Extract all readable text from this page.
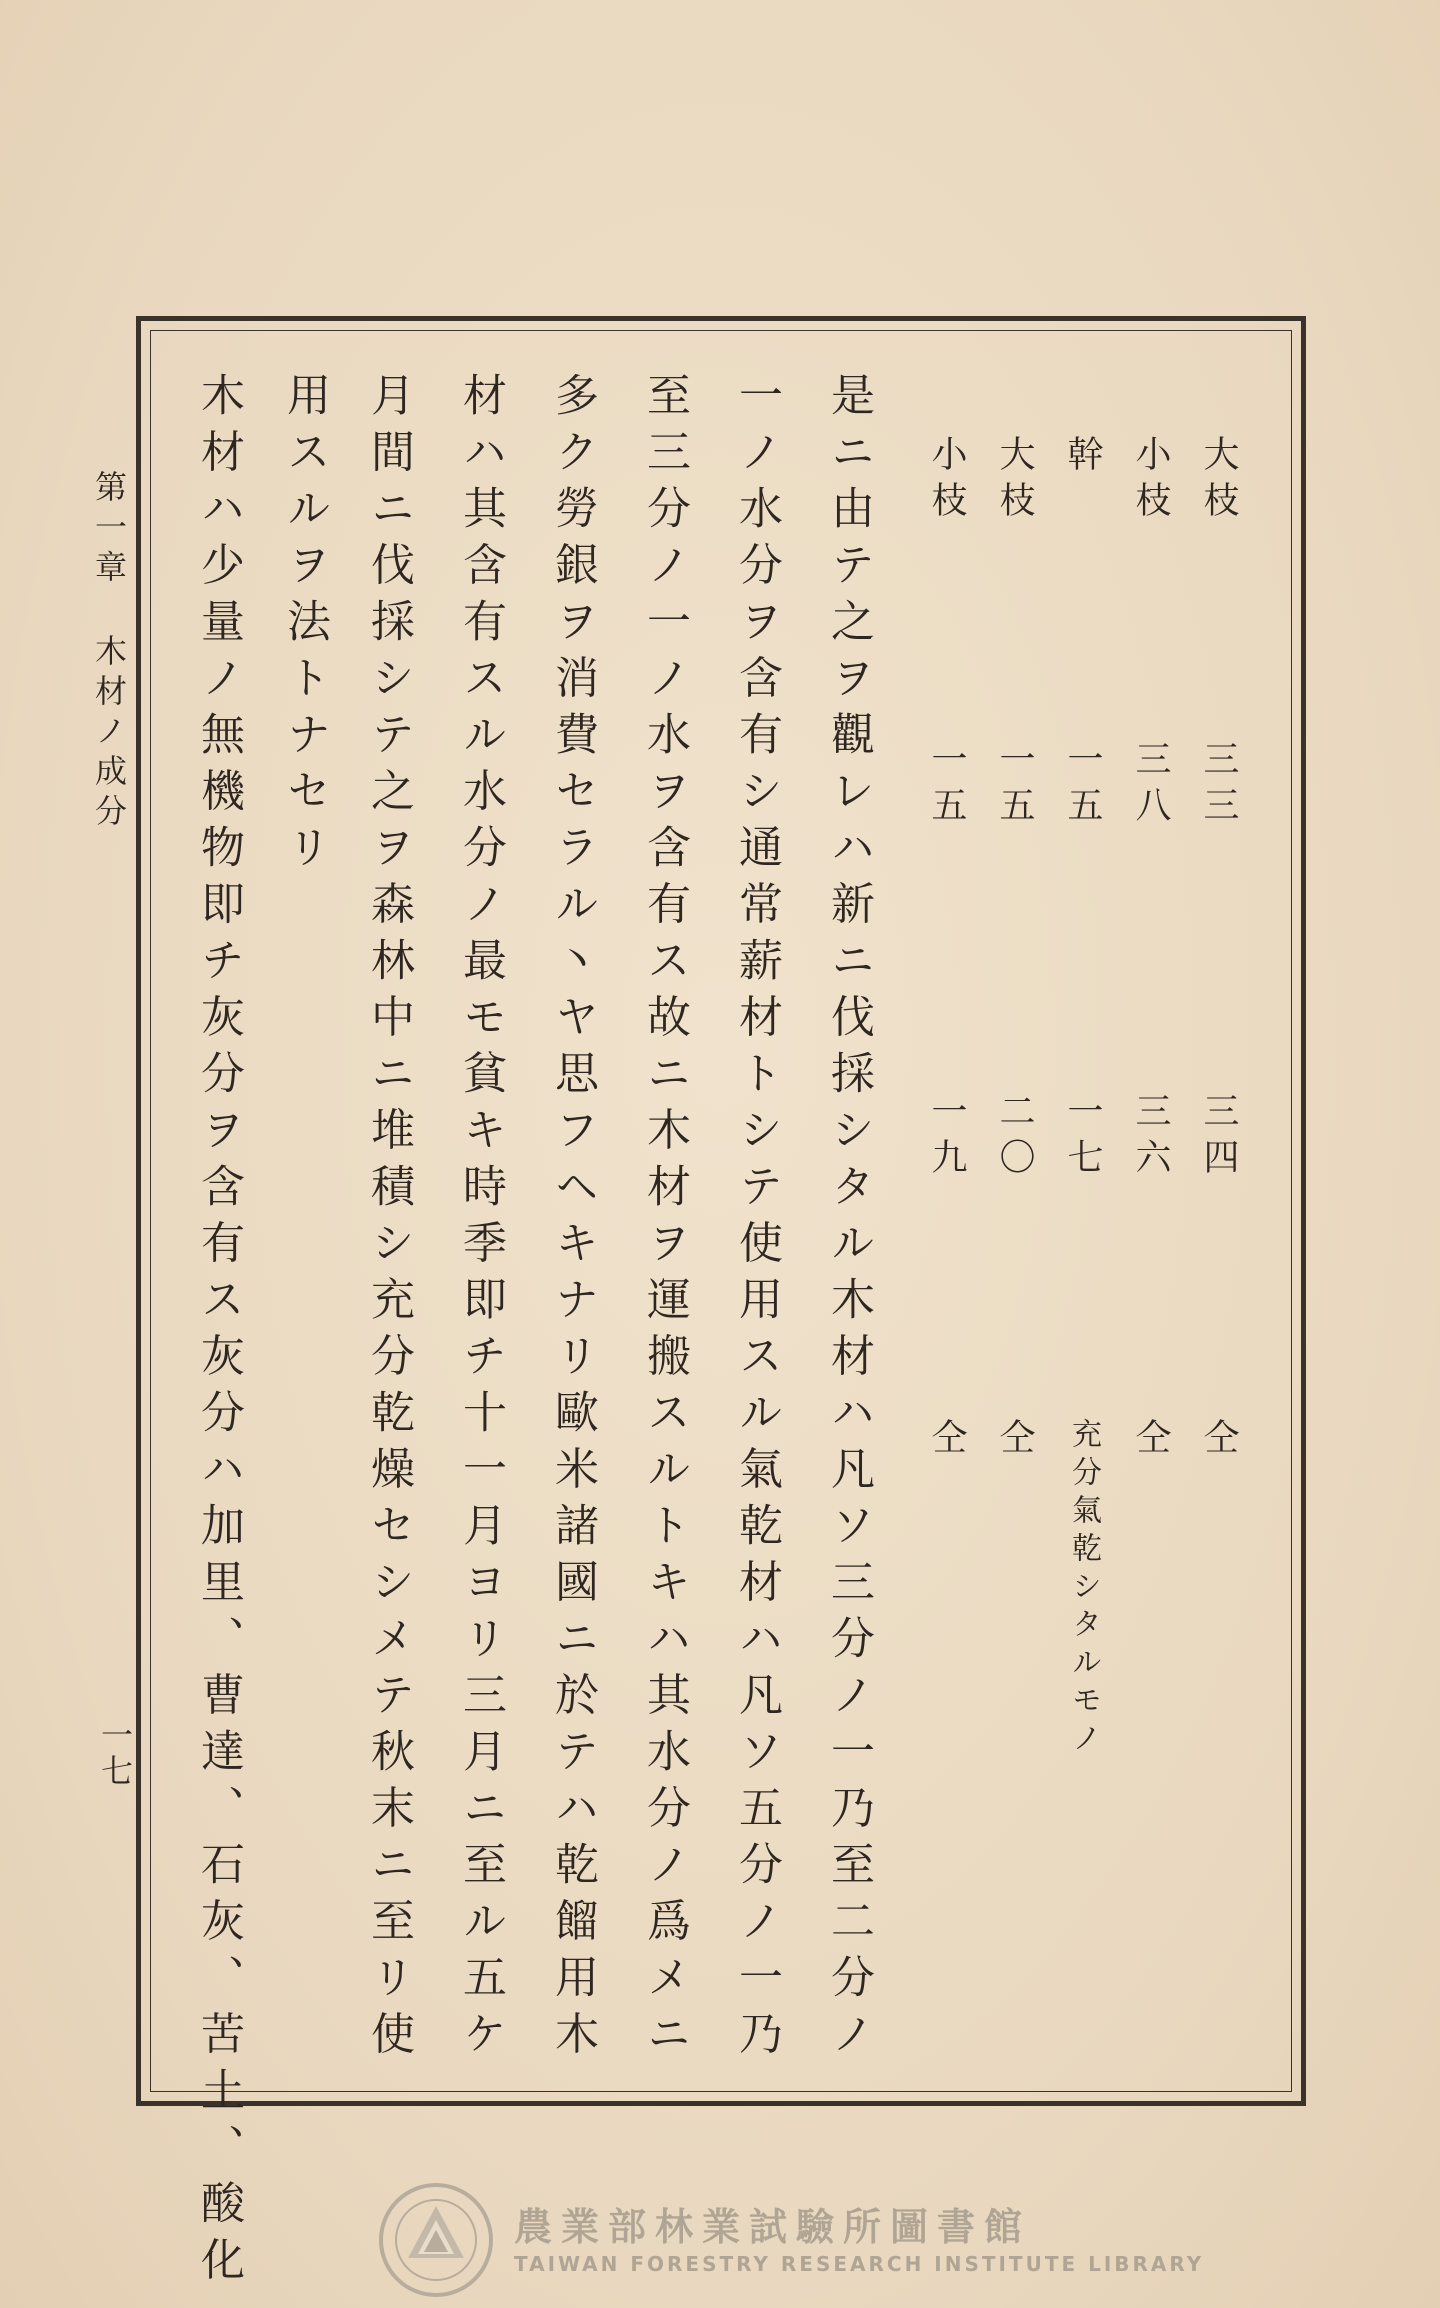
第一章木材ノ成分
一七
大枝
三三
三四
仝
小枝
三八
三六
仝
幹
一五
一七
充分氣乾シタルモノ
大枝
一五
二〇
仝
小枝
一五
一九
仝
是ニ由テ之ヲ觀レハ新ニ伐採シタル木材ハ凡ソ三分ノ一乃至二分ノ
一ノ水分ヲ含有シ通常薪材トシテ使用スル氣乾材ハ凡ソ五分ノ一乃
至三分ノ一ノ水ヲ含有ス故ニ木材ヲ運搬スルトキハ其水分ノ爲メニ
多ク勞銀ヲ消費セラル丶ヤ思フヘキナリ歐米諸國ニ於テハ乾餾用木
材ハ其含有スル水分ノ最モ貧キ時季即チ十一月ヨリ三月ニ至ル五ケ
月間ニ伐採シテ之ヲ森林中ニ堆積シ充分乾燥セシメテ秋末ニ至リ使
用スルヲ法トナセリ
木材ハ少量ノ無機物即チ灰分ヲ含有ス灰分ハ加里、曹達、石灰、苦土、酸化	農業部林業試驗所圖書館
TAIWAN FORESTRY RESEARCH INSTITUTE LIBRARY
